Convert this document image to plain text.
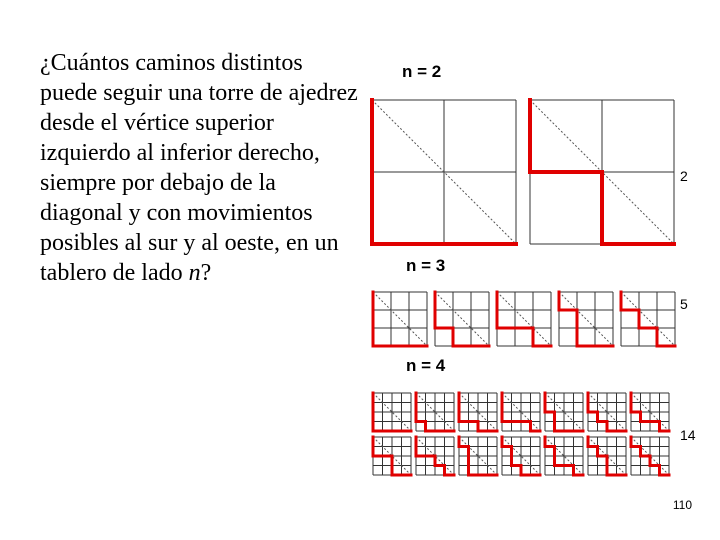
¿Cuántos caminos distintos puede seguir una torre de ajedrez desde el vértice superior izquierdo al inferior derecho, siempre por debajo de la diagonal y con movimientos posibles al sur y al oeste, en un tablero de lado n?
n = 2
2
n = 3
5
n = 4
14
110
